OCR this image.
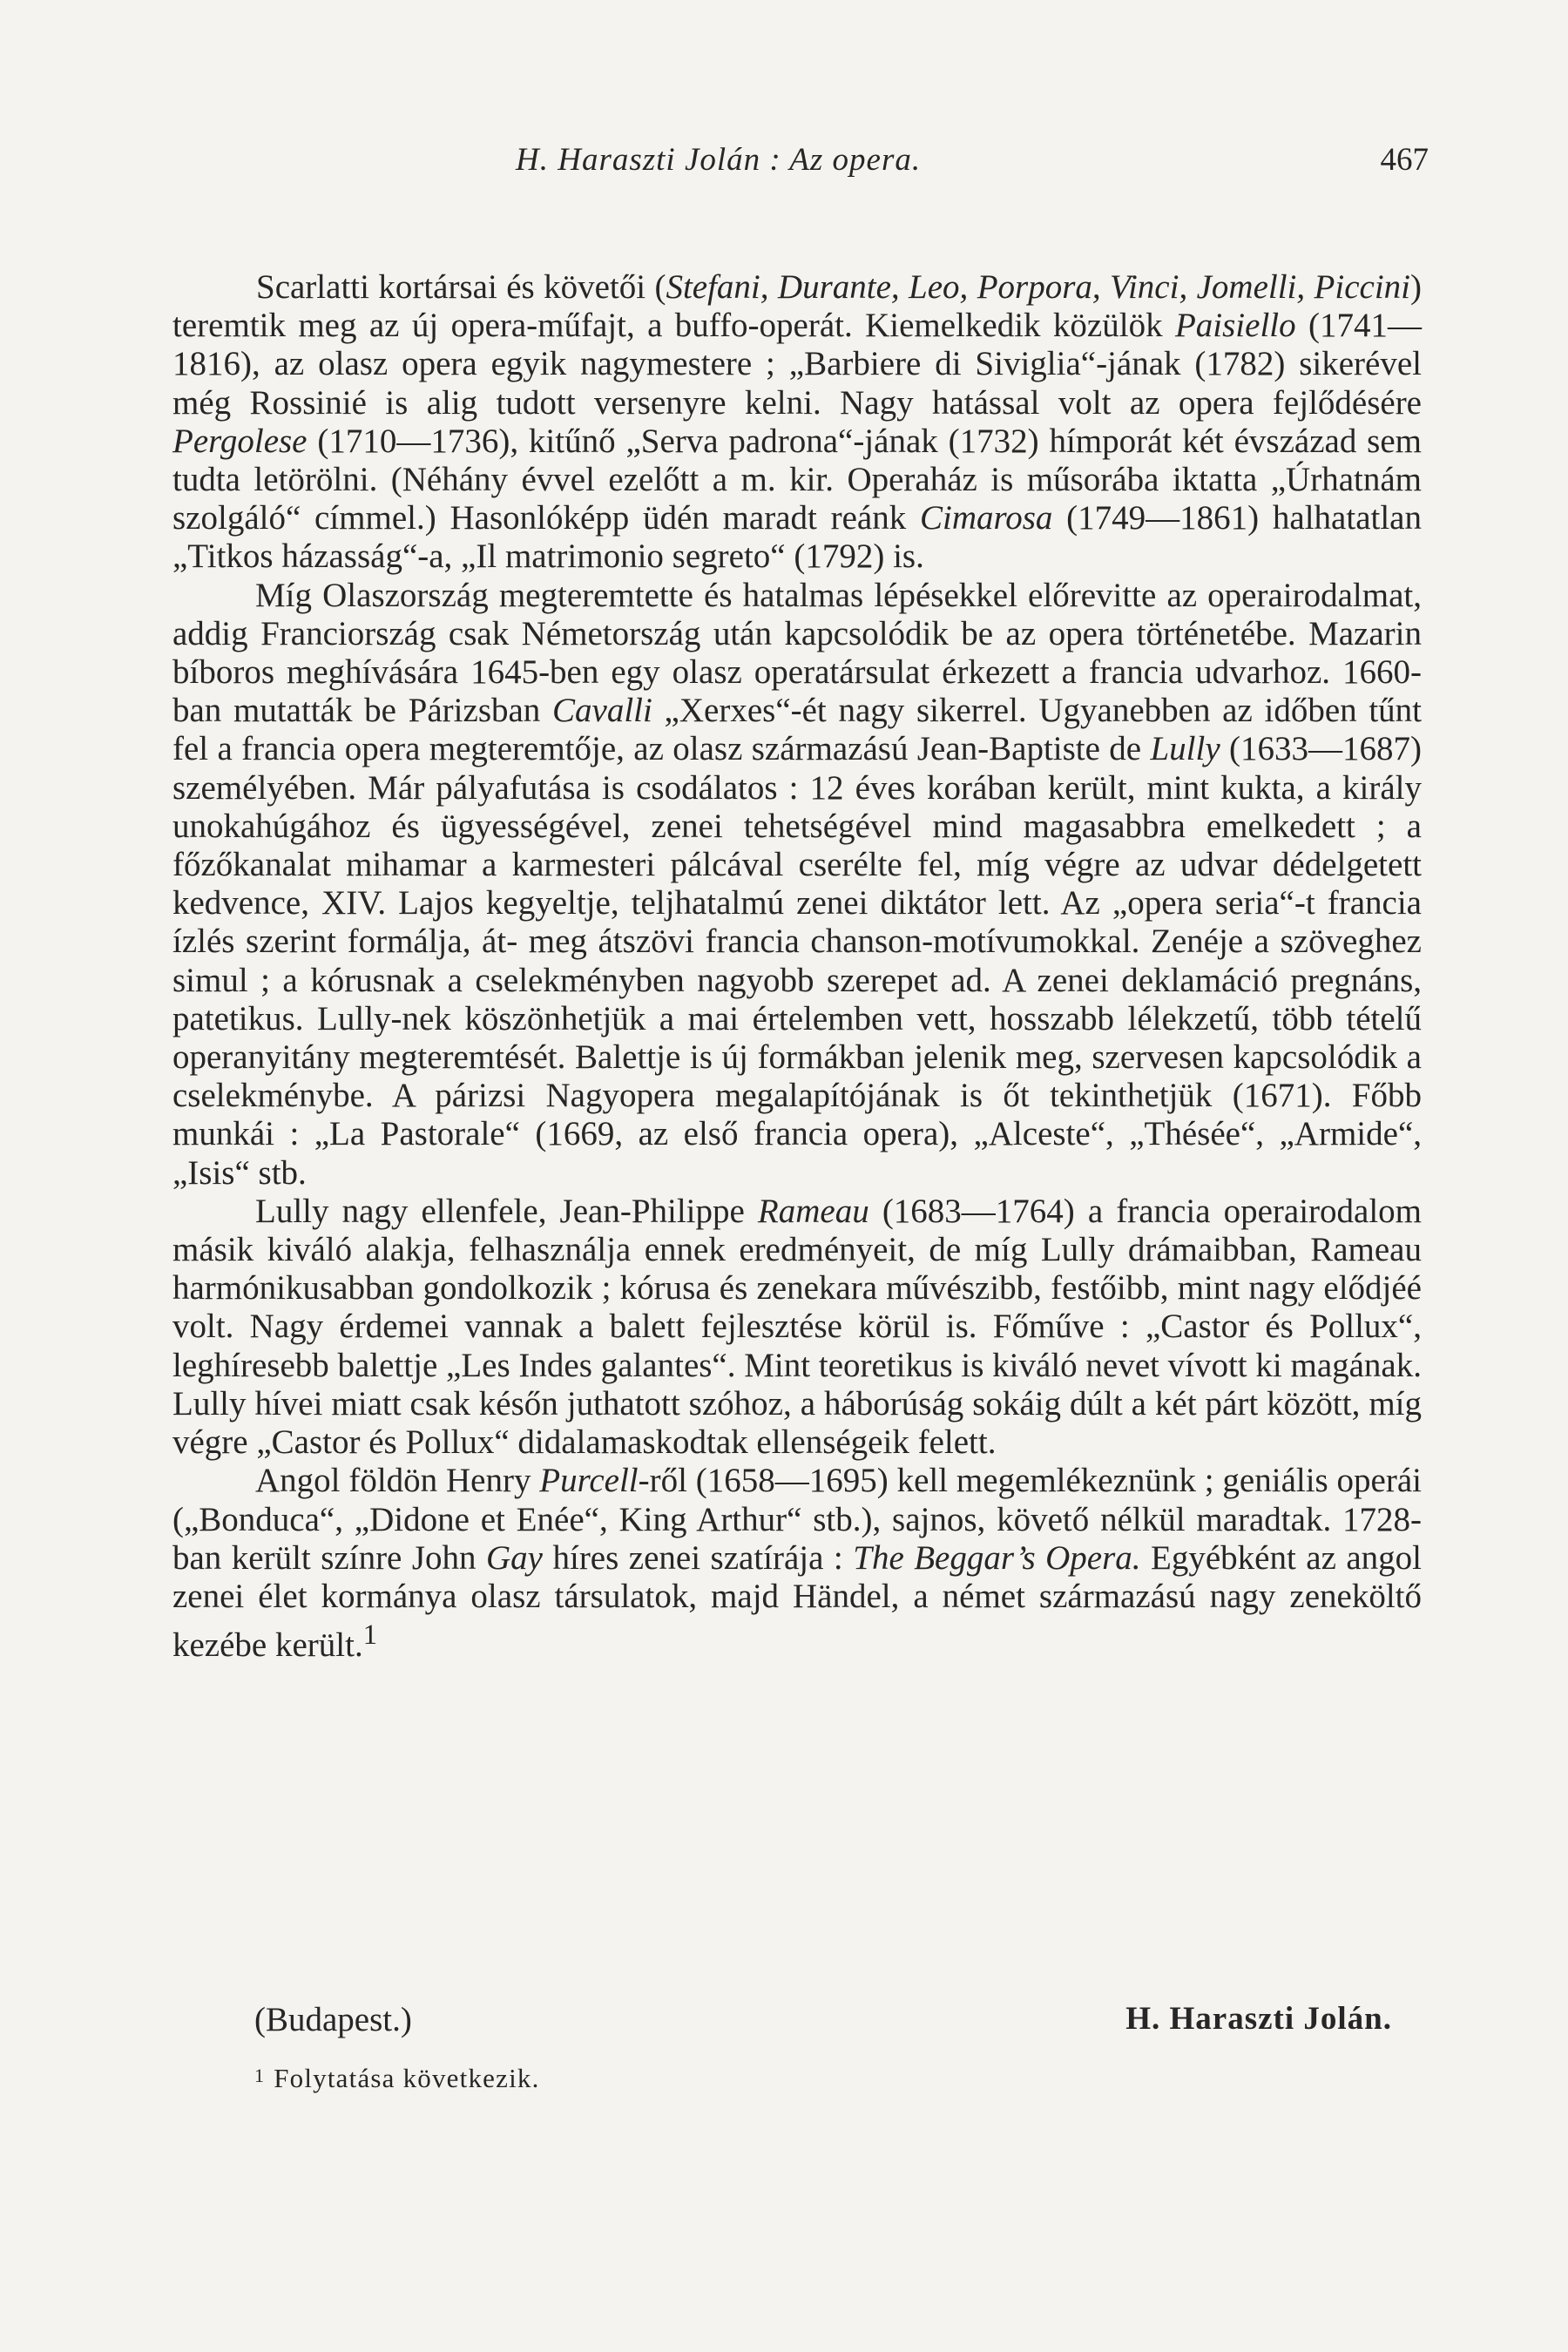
H. Haraszti Jolán : Az opera.	467

Scarlatti kortársai és követői (Stefani, Durante, Leo, Porpora, Vinci, Jomelli, Piccini) teremtik meg az új opera-műfajt, a buffo-operát. Kiemelkedik közülök Paisiello (1741—1816), az olasz opera egyik nagymestere ; „Barbiere di Siviglia“-jának (1782) sikerével még Rossinié is alig tudott versenyre kelni. Nagy hatással volt az opera fejlődésére Pergolese (1710—1736), kitűnő „Serva padrona“-jának (1732) hímporát két évszázad sem tudta letörölni. (Néhány évvel ezelőtt a m. kir. Operaház is műsorába iktatta „Úrhatnám szolgáló“ címmel.) Hasonlóképp üdén maradt reánk Cimarosa (1749—1861) halhatatlan „Titkos házasság“-a, „Il matrimonio segreto“ (1792) is.

Míg Olaszország megteremtette és hatalmas lépésekkel előrevitte az operairodalmat, addig Franciország csak Németország után kapcsolódik be az opera történetébe. Mazarin bíboros meghívására 1645-ben egy olasz operatársulat érkezett a francia udvarhoz. 1660-ban mutatták be Párizsban Cavalli „Xerxes“-ét nagy sikerrel. Ugyanebben az időben tűnt fel a francia opera megteremtője, az olasz származású Jean-Baptiste de Lully (1633—1687) személyében. Már pályafutása is csodálatos : 12 éves korában került, mint kukta, a király unokahúgához és ügyességével, zenei tehetségével mind magasabbra emelkedett ; a főzőkanalat mihamar a karmesteri pálcával cserélte fel, míg végre az udvar dédelgetett kedvence, XIV. Lajos kegyeltje, teljhatalmú zenei diktátor lett. Az „opera seria“-t francia ízlés szerint formálja, át- meg átszövi francia chanson-motívumokkal. Zenéje a szöveghez simul ; a kórusnak a cselekményben nagyobb szerepet ad. A zenei deklamáció pregnáns, patetikus. Lully-nek köszönhetjük a mai értelemben vett, hosszabb lélekzetű, több tételű operanyitány megteremtését. Balettje is új formákban jelenik meg, szervesen kapcsolódik a cselekménybe. A párizsi Nagyopera megalapítójának is őt tekinthetjük (1671). Főbb munkái : „La Pastorale“ (1669, az első francia opera), „Alceste“, „Thésée“, „Armide“, „Isis“ stb.

Lully nagy ellenfele, Jean-Philippe Rameau (1683—1764) a francia operairodalom másik kiváló alakja, felhasználja ennek eredményeit, de míg Lully drámaibban, Rameau harmónikusabban gondolkozik ; kórusa és zenekara művészibb, festőibb, mint nagy elődjéé volt. Nagy érdemei vannak a balett fejlesztése körül is. Főműve : „Castor és Pollux“, leghíresebb balettje „Les Indes galantes“. Mint teoretikus is kiváló nevet vívott ki magának. Lully hívei miatt csak későn juthatott szóhoz, a háborúság sokáig dúlt a két párt között, míg végre „Castor és Pollux“ didalamaskodtak ellenségeik felett.

Angol földön Henry Purcell-ről (1658—1695) kell megemlékeznünk ; geniális operái („Bonduca“, „Didone et Enée“, King Arthur“ stb.), sajnos, követő nélkül maradtak. 1728-ban került színre John Gay híres zenei szatírája : The Beggar’s Opera. Egyébként az angol zenei élet kormánya olasz társulatok, majd Händel, a német származású nagy zeneköltő kezébe került.$^1$

(Budapest.)	H. Haraszti Jolán.
$^1$ Folytatása következik.
